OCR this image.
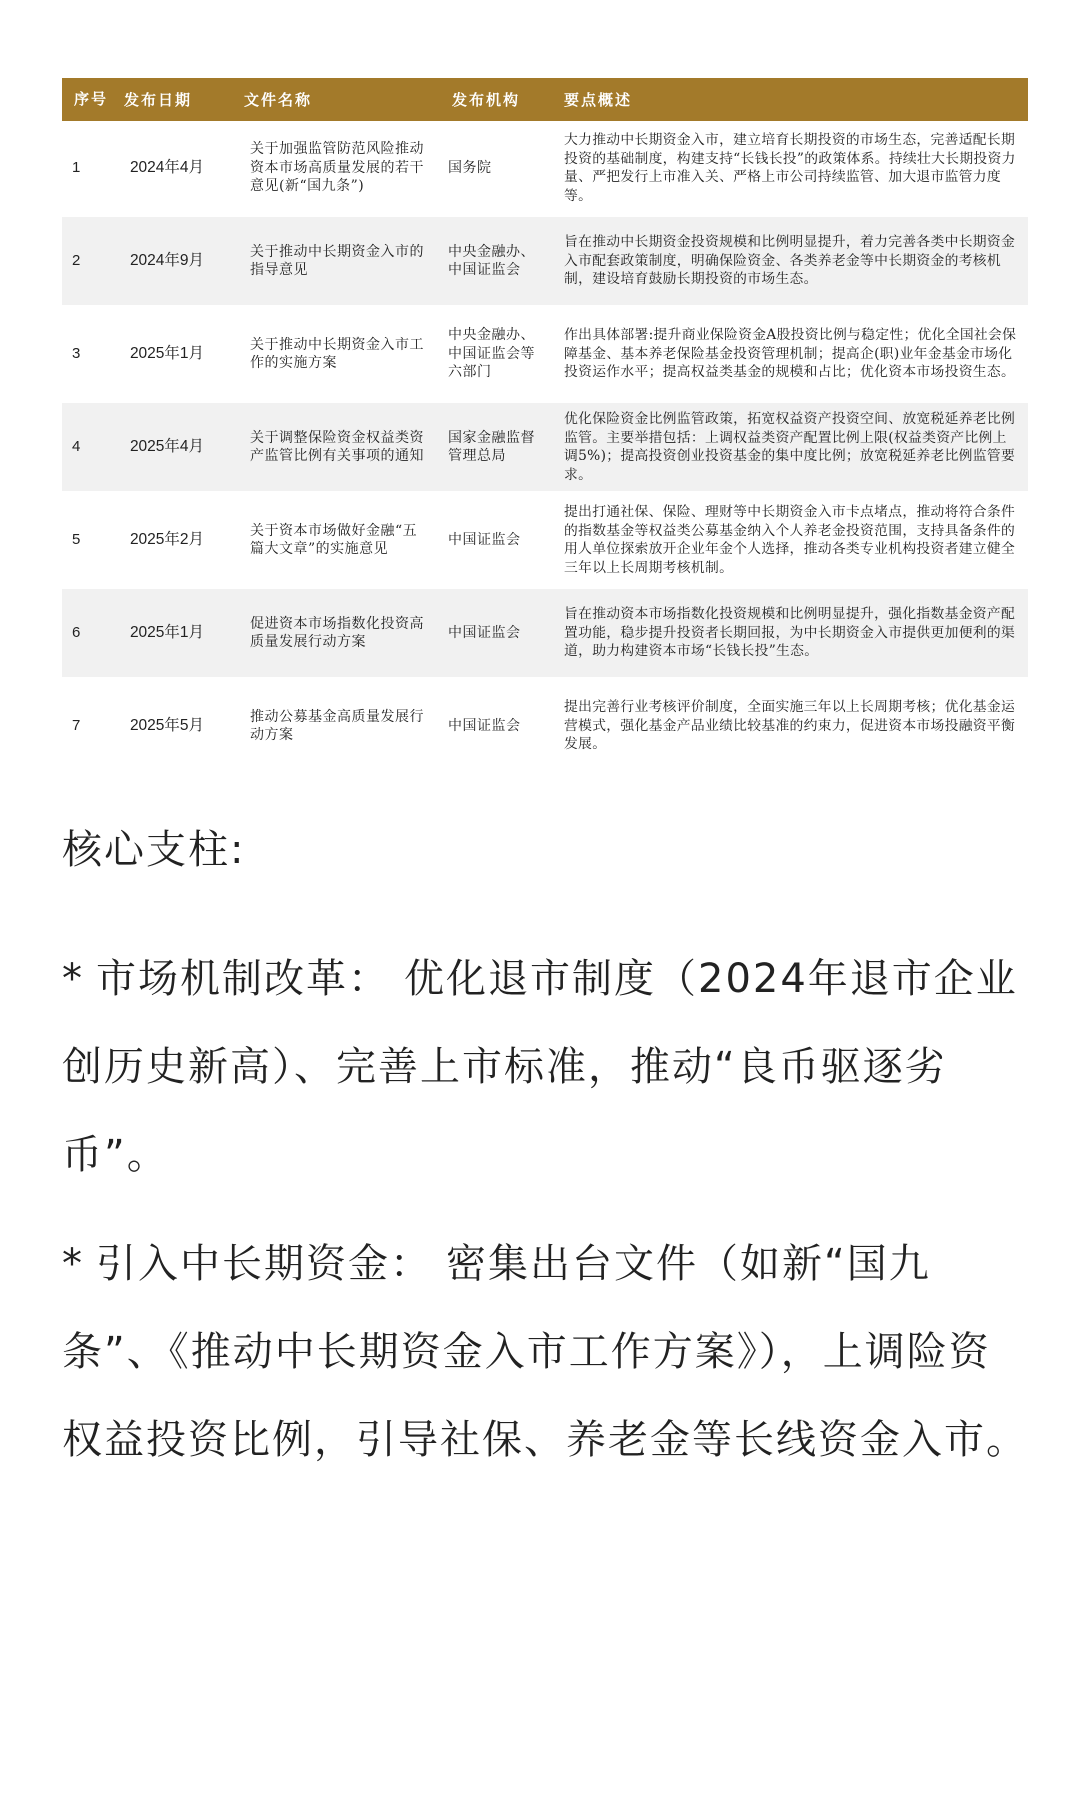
序号	发布日期	文件名称	发布机构	要点概述
1	2024年4月	关于加强监管防范风险推动资本市场高质量发展的若干意见(新“国九条”)	国务院	大力推动中长期资金入市，建立培育长期投资的市场生态，完善适配长期投资的基础制度，构建支持“长钱长投”的政策体系。持续壮大长期投资力量、严把发行上市准入关、严格上市公司持续监管、加大退市监管力度等。
2	2024年9月	关于推动中长期资金入市的指导意见	中央金融办、中国证监会	旨在推动中长期资金投资规模和比例明显提升，着力完善各类中长期资金入市配套政策制度，明确保险资金、各类养老金等中长期资金的考核机制，建设培育鼓励长期投资的市场生态。
3	2025年1月	关于推动中长期资金入市工作的实施方案	中央金融办、中国证监会等六部门	作出具体部署:提升商业保险资金A股投资比例与稳定性；优化全国社会保障基金、基本养老保险基金投资管理机制；提高企(职)业年金基金市场化投资运作水平；提高权益类基金的规模和占比；优化资本市场投资生态。
4	2025年4月	关于调整保险资金权益类资产监管比例有关事项的通知	国家金融监督管理总局	优化保险资金比例监管政策，拓宽权益资产投资空间、放宽税延养老比例监管。主要举措包括：上调权益类资产配置比例上限(权益类资产比例上调5%)；提高投资创业投资基金的集中度比例；放宽税延养老比例监管要求。
5	2025年2月	关于资本市场做好金融“五篇大文章”的实施意见	中国证监会	提出打通社保、保险、理财等中长期资金入市卡点堵点，推动将符合条件的指数基金等权益类公募基金纳入个人养老金投资范围，支持具备条件的用人单位探索放开企业年金个人选择，推动各类专业机构投资者建立健全三年以上长周期考核机制。
6	2025年1月	促进资本市场指数化投资高质量发展行动方案	中国证监会	旨在推动资本市场指数化投资规模和比例明显提升，强化指数基金资产配置功能，稳步提升投资者长期回报，为中长期资金入市提供更加便利的渠道，助力构建资本市场“长钱长投”生态。
7	2025年5月	推动公募基金高质量发展行动方案	中国证监会	提出完善行业考核评价制度，全面实施三年以上长周期考核；优化基金运营模式，强化基金产品业绩比较基准的约束力，促进资本市场投融资平衡发展。
核心支柱:

* 市场机制改革： 优化退市制度（2024年退市企业创历史新高）、完善上市标准，推动“良币驱逐劣币”。

* 引入中长期资金： 密集出台文件（如新“国九条”、《推动中长期资金入市工作方案》），上调险资权益投资比例，引导社保、养老金等长线资金入市。
